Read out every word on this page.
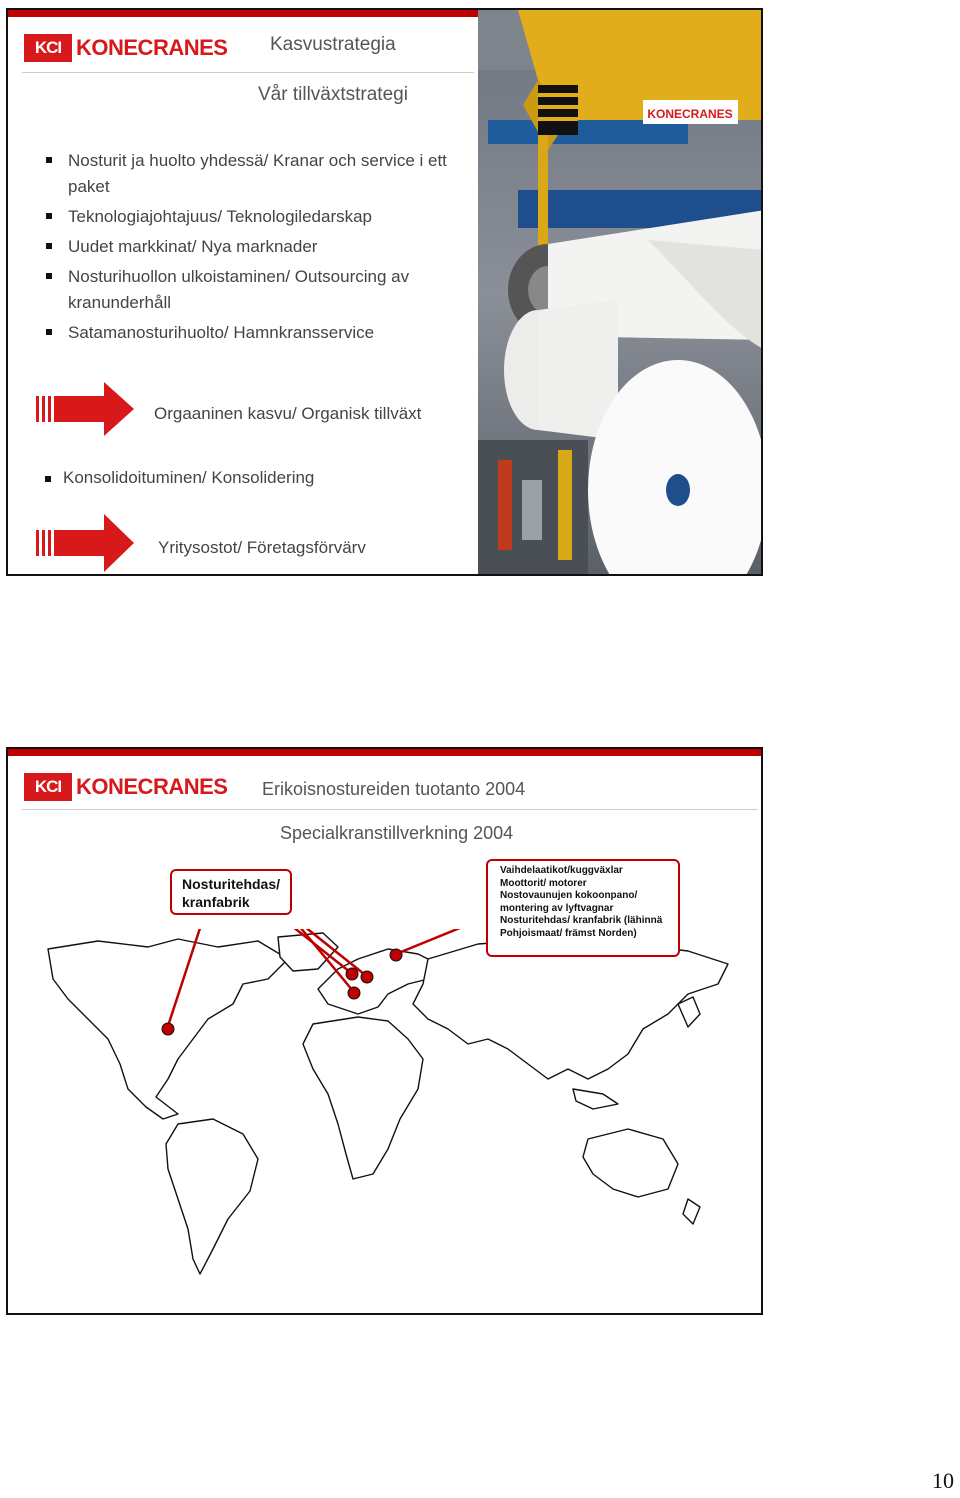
KCI KONECRANES Kasvustrategia
Vår tillväxtstrategi
Nosturit ja huolto yhdessä/ Kranar och service i ett paket
Teknologiajohtajuus/ Teknologiledarskap
Uudet markkinat/ Nya marknader
Nosturihuollon ulkoistaminen/ Outsourcing av kranunderhåll
Satamanosturihuolto/ Hamnkransservice
Orgaaninen kasvu/ Organisk tillväxt
Konsolidoituminen/ Konsolidering
Yritysostot/ Företagsförvärv
KONECRANES
KCI KONECRANES Erikoisnostureiden tuotanto 2004
Specialkranstillverkning 2004
Nosturitehdas/
kranfabrik
Vaihdelaatikot/kuggväxlar
Moottorit/ motorer
Nostovaunujen kokoonpano/
montering av lyftvagnar
Nosturitehdas/ kranfabrik (lähinnä
Pohjoismaat/ främst Norden)
10
